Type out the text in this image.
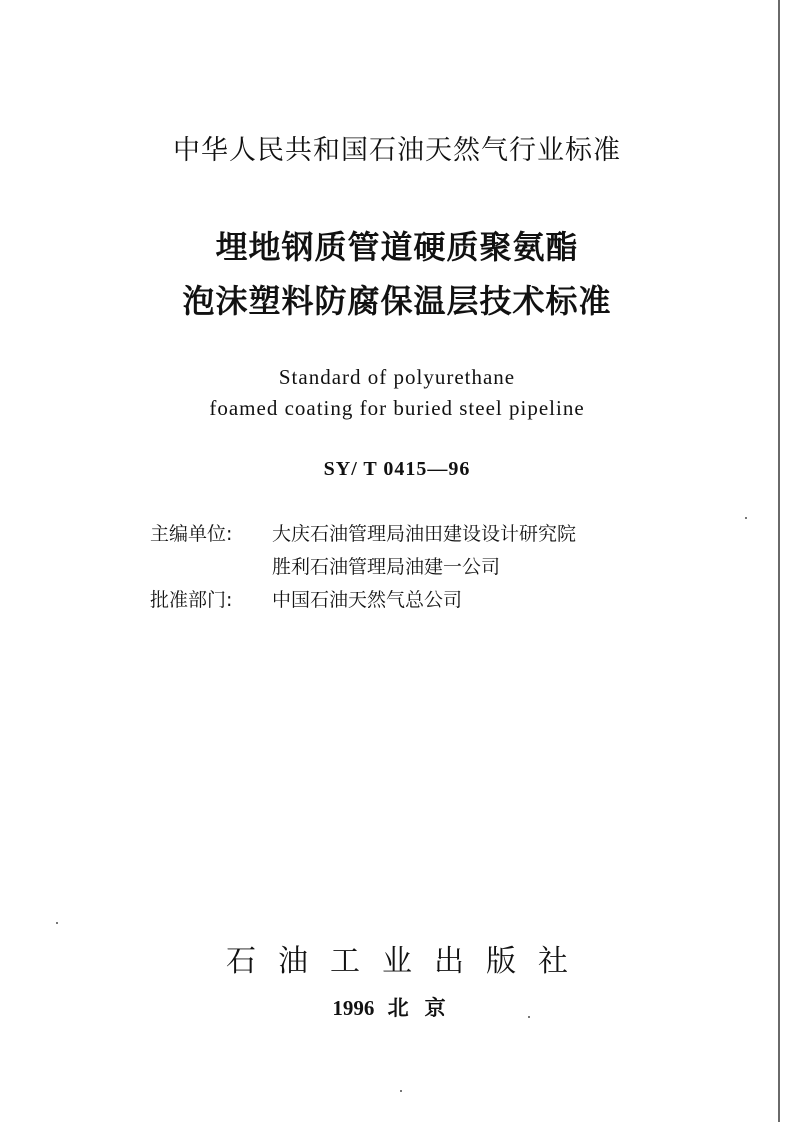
中华人民共和国石油天然气行业标准
埋地钢质管道硬质聚氨酯
泡沫塑料防腐保温层技术标准
Standard of polyurethane
foamed coating for buried steel pipeline
SY/ T 0415—96
主编单位: 大庆石油管理局油田建设设计研究院
胜利石油管理局油建一公司
批准部门: 中国石油天然气总公司
石油工业出版社
1996 北京
